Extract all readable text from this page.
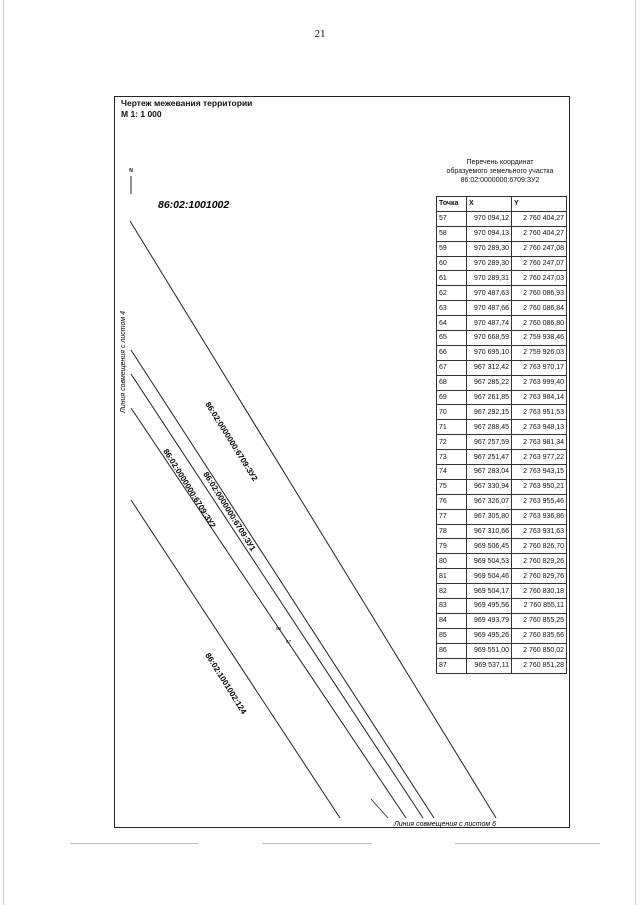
21
Чертеж межевания территории
М 1: 1 000
N
86:02:1001002
Линия совмещения с листом 4
Линия совмещения с листом 6
86:02:0000000:6709:ЗУ2
86:02:0000000:6709:ЗУ1
86:02:0000000:6709:ЗУ2
86:02:1001002:124
58
57
Перечень координат
образуемого земельного участка
86:02:0000000:6709:ЗУ2
Точка	X	Y
57	970 094,12	2 760 404,27
58	970 094,13	2 760 404,27
59	970 289,30	2 760 247,08
60	970 289,30	2 760 247,07
61	970 289,31	2 760 247,03
62	970 487,63	2 760 086,93
63	970 487,66	2 760 086,84
64	970 487,74	2 760 086,80
65	970 668,59	2 759 938,46
66	970 695,10	2 759 926,03
67	967 312,42	2 763 970,17
68	967 285,22	2 763 999,40
69	967 261,85	2 763 984,14
70	967 292,15	2 763 951,53
71	967 288,45	2 763 948,13
72	967 257,59	2 763 981,34
73	967 251,47	2 763 977,22
74	967 283,04	2 763 943,15
75	967 330,94	2 763 950,21
76	967 326,07	2 763 955,46
77	967 305,80	2 763 936,86
78	967 310,66	2 763 931,63
79	969 506,45	2 760 826,70
80	969 504,53	2 760 829,26
81	969 504,46	2 760 829,76
82	969 504,17	2 760 830,18
83	969 495,56	2 760 855,11
84	969 493,79	2 760 855,25
85	969 495,26	2 760 835,66
86	969 551,00	2 760 850,02
87	969 537,11	2 760 851,28
